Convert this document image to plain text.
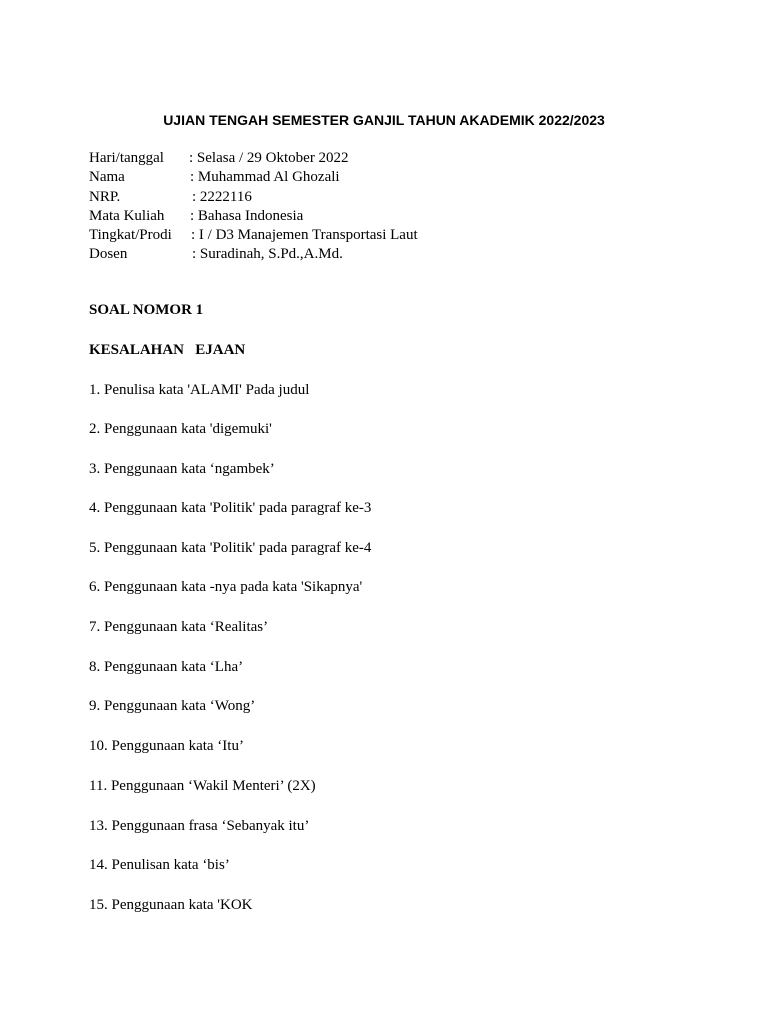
UJIAN TENGAH SEMESTER GANJIL TAHUN AKADEMIK 2022/2023
Hari/tanggal : Selasa / 29 Oktober 2022
Nama	: Muhammad Al Ghozali
NRP.	: 2222116
Mata Kuliah : Bahasa Indonesia
Tingkat/Prodi : I / D3 Manajemen Transportasi Laut
Dosen	: Suradinah, S.Pd.,A.Md.
SOAL NOMOR 1
KESALAHAN   EJAAN
1. Penulisa kata 'ALAMI' Pada judul
2. Penggunaan kata 'digemuki'
3. Penggunaan kata ‘ngambek’
4. Penggunaan kata 'Politik' pada paragraf ke-3
5. Penggunaan kata 'Politik' pada paragraf ke-4
6. Penggunaan kata -nya pada kata 'Sikapnya'
7. Penggunaan kata ‘Realitas’
8. Penggunaan kata ‘Lha’
9. Penggunaan kata ‘Wong’
10. Penggunaan kata ‘Itu’
11. Penggunaan ‘Wakil Menteri’ (2X)
13. Penggunaan frasa ‘Sebanyak itu’
14. Penulisan kata ‘bis’
15. Penggunaan kata 'KOK
